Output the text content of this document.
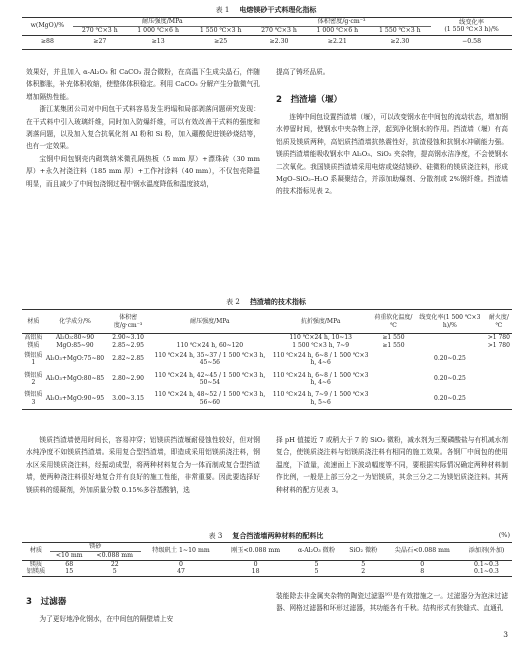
表 1 电熔镁砂干式料理化指标
w(MgO)/%	耐压强度/MPa			体积密度/g·cm⁻³			线变化率
(1 550 ℃×3 h)/%
	270 ℃×3 h	1 000 ℃×6 h	1 550 ℃×3 h	270 ℃×3 h	1 000 ℃×6 h	1 550 ℃×3 h	
≥88	≥27	≥13	≥25	≥2.30	≥2.21	≥2.30	−0.58

效果好，并且加入 α-Al₂O₃ 和 CaCO₃ 混合微粉，在高温下生成尖晶石，伴随体积膨胀，补充体积收缩，使整体体积稳定。利用 CaCO₃ 分解产生分散微气孔增加隔热性能。

浙江某集团公司对中间包干式料容易发生坍塌和局部剥落问题研究发现：在干式料中引入玻璃纤维，同时加入防爆纤维，可以有效改善干式料的强度和剥落问题，以及加入复合抗氧化剂 Al 粉和 Si 粉，加入硼酸促进镁砂烧结等，也有一定效果。

宝钢中间包钢壳内砌筑纳米微孔隔热板（5 mm 厚）+漂珠砖（30 mm 厚）+永久衬浇注料（185 mm 厚）+工作衬涂料（40 mm），不仅包壳降温明显，而且减少了中间包浇钢过程中钢水温度降低和温度波动，

提高了铸坯品质。

2　挡渣墙（堰）

连铸中间包设置挡渣墙（堰），可以改变钢水在中间包的流动状态，增加钢水停留时间，使钢水中夹杂物上浮，起到净化钢水的作用。挡渣墙（堰）有高铝质及镁质两种，高铝质挡渣墙抗热震性好，抗渣侵蚀和抗钢水冲刷能力强。镁质挡渣墙能吸收钢水中 Al₂O₃、SiO₂ 夹杂物，提高钢水洁净度，不会使钢水二次氧化。我国镁质挡渣墙采用电熔或烧结镁砂、硅微粉的镁质浇注料，形成 MgO–SiO₂–H₂O 系凝聚结合，并添加助爆剂、分散剂或 2%钢纤维。挡渣墙的技术指标见表 2。

表 2 挡渣墙的技术指标
材质	化学成分/%	体积密度/g·cm⁻³	耐压强度/MPa	抗折强度/MPa	荷重软化温度/℃	线变化率(1 500 ℃×3 h)/%	耐火度/℃
高铝质	Al₂O₃:80~90	2.90~3.10		110 ℃×24 h, 10~13	≥1 550		>1 780
镁质	MgO:85~90	2.85~2.95	110 ℃×24 h, 60~120	1 500 ℃×3 h, 7~9	≥1 550		>1 780
镁铝质 1	Al₂O₃+MgO:75~80	2.82~2.85	110 ℃×24 h, 35~37 / 1 500 ℃×3 h, 45~56	110 ℃×24 h, 6~8 / 1 500 ℃×3 h, 4~6		0.20~0.25	
镁铝质 2	Al₂O₃+MgO:80~85	2.80~2.90	110 ℃×24 h, 42~45 / 1 500 ℃×3 h, 50~54	110 ℃×24 h, 6~8 / 1 500 ℃×3 h, 4~6		0.20~0.25	
镁铝质 3	Al₂O₃+MgO:90~95	3.00~3.15	110 ℃×24 h, 48~52 / 1 500 ℃×3 h, 56~60	110 ℃×24 h, 7~9 / 1 500 ℃×3 h, 5~6		0.20~0.25	

镁质挡渣墙使用时间长，容易冲穿；铝镁质挡渣堰耐侵蚀性较好，但对钢水纯净度不如镁质挡渣墙。采用复合型挡渣墙，即造成采用铝镁质浇注料，钢水区采用镁质浇注料，经振动成型，将两种材料复合为一体而制成复合型挡渣墙，使两种浇注料很好地复合并有良好的施工性能，非常重要。因此要选择好镁质料的缓凝剂，外加质量分数 0.15%多谷基酸钠，选

择 pH 值接近 7 或稍大于 7 的 SiO₂ 微粉，减水剂为三聚磷酸盐与有机减水剂复合，使镁质浇注料与铝镁质浇注料有相同的施工效果。各钢厂中间包的使用温度，下渣量，流速面上下波动幅度等不同，要根据实际情况确定两种材料制作比例，一般是上部三分之一为铝镁质，其余三分之二为镁铝质浇注料。其两种材料的配方见表 3。

表 3 复合挡渣墙两种材料的配料比	(%)
材质	镁砂		特级矾土 1~10 mm	刚玉<0.088 mm	α-Al₂O₃ 微粉	SiO₂ 微粉	尖晶石<0.088 mm	添加剂(外加)
	<10 mm	<0.088 mm						
镁质	68	22	0	0	5	5	0	0.1~0.3
铝镁质	15	5	47	18	5	2	8	0.1~0.3
3　过滤器

为了更好地净化钢水，在中间包的隔壁墙上安

装能除去非金属夹杂物的陶瓷过滤器¹⁶¹是有效措施之一。过滤器分为泡沫过滤器、网格过滤器和环形过滤器，其功能各有千秋。结构形式有狭缝式、直通孔

3
